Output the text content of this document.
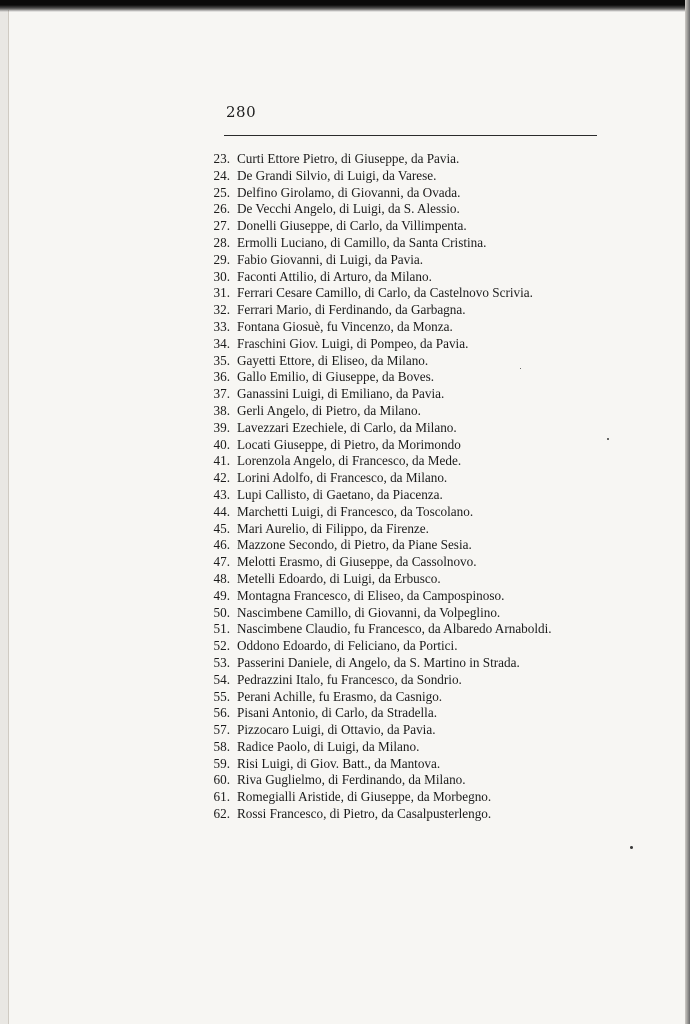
280
23. Curti Ettore Pietro, di Giuseppe, da Pavia.
24. De Grandi Silvio, di Luigi, da Varese.
25. Delfino Girolamo, di Giovanni, da Ovada.
26. De Vecchi Angelo, di Luigi, da S. Alessio.
27. Donelli Giuseppe, di Carlo, da Villimpenta.
28. Ermolli Luciano, di Camillo, da Santa Cristina.
29. Fabio Giovanni, di Luigi, da Pavia.
30. Faconti Attilio, di Arturo, da Milano.
31. Ferrari Cesare Camillo, di Carlo, da Castelnovo Scrivia.
32. Ferrari Mario, di Ferdinando, da Garbagna.
33. Fontana Giosuè, fu Vincenzo, da Monza.
34. Fraschini Giov. Luigi, di Pompeo, da Pavia.
35. Gayetti Ettore, di Eliseo, da Milano.
36. Gallo Emilio, di Giuseppe, da Boves.
37. Ganassini Luigi, di Emiliano, da Pavia.
38. Gerli Angelo, di Pietro, da Milano.
39. Lavezzari Ezechiele, di Carlo, da Milano.
40. Locati Giuseppe, di Pietro, da Morimondo
41. Lorenzola Angelo, di Francesco, da Mede.
42. Lorini Adolfo, di Francesco, da Milano.
43. Lupi Callisto, di Gaetano, da Piacenza.
44. Marchetti Luigi, di Francesco, da Toscolano.
45. Mari Aurelio, di Filippo, da Firenze.
46. Mazzone Secondo, di Pietro, da Piane Sesia.
47. Melotti Erasmo, di Giuseppe, da Cassolnovo.
48. Metelli Edoardo, di Luigi, da Erbusco.
49. Montagna Francesco, di Eliseo, da Campospinoso.
50. Nascimbene Camillo, di Giovanni, da Volpeglino.
51. Nascimbene Claudio, fu Francesco, da Albaredo Arnaboldi.
52. Oddono Edoardo, di Feliciano, da Portici.
53. Passerini Daniele, di Angelo, da S. Martino in Strada.
54. Pedrazzini Italo, fu Francesco, da Sondrio.
55. Perani Achille, fu Erasmo, da Casnigo.
56. Pisani Antonio, di Carlo, da Stradella.
57. Pizzocaro Luigi, di Ottavio, da Pavia.
58. Radice Paolo, di Luigi, da Milano.
59. Risi Luigi, di Giov. Batt., da Mantova.
60. Riva Guglielmo, di Ferdinando, da Milano.
61. Romegialli Aristide, di Giuseppe, da Morbegno.
62. Rossi Francesco, di Pietro, da Casalpusterlengo.
